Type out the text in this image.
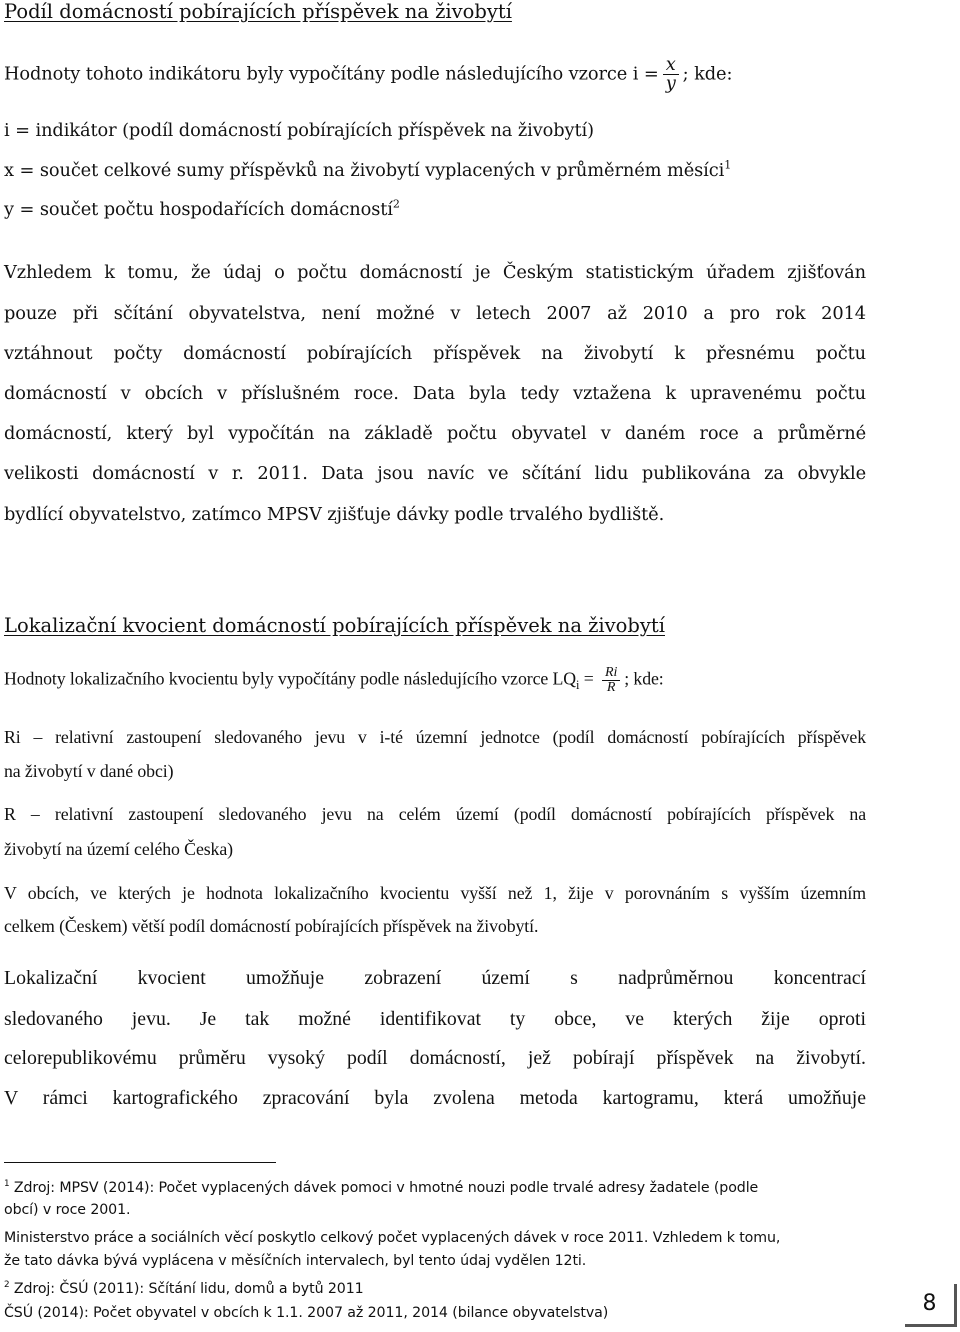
Podíl domácností pobírajících příspěvek na živobytí
Hodnoty tohoto indikátoru byly vypočítány podle následujícího vzorce $i = \frac{x}{y}$ ; kde:
i = indikátor (podíl domácností pobírajících příspěvek na živobytí)
x = součet celkové sumy příspěvků na živobytí vyplacených v průměrném měsíci$^1$
y = součet počtu hospodařících domácností$^2$
Vzhledem k tomu, že údaj o počtu domácností je Českým statistickým úřadem zjišťován
pouze při sčítání obyvatelstva, není možné v letech 2007 až 2010 a pro rok 2014
vztáhnout počty domácností pobírajících příspěvek na živobytí k přesnému počtu
domácností v obcích v příslušném roce. Data byla tedy vztažena k upravenému počtu
domácností, který byl vypočítán na základě počtu obyvatel v daném roce a průměrné
velikosti domácností v r. 2011. Data jsou navíc ve sčítání lidu publikována za obvykle
bydlící obyvatelstvo, zatímco MPSV zjišťuje dávky podle trvalého bydliště.
Lokalizační kvocient domácností pobírajících příspěvek na živobytí
Hodnoty lokalizačního kvocientu byly vypočítány podle následujícího vzorce $LQ_i = \frac{Ri}{R}$ ; kde:
Ri – relativní zastoupení sledovaného jevu v i-té územní jednotce (podíl domácností pobírajících příspěvek
na živobytí v dané obci)
R – relativní zastoupení sledovaného jevu na celém území (podíl domácností pobírajících příspěvek na
živobytí na území celého Česka)
V obcích, ve kterých je hodnota lokalizačního kvocientu vyšší než 1, žije v porovnáním s vyšším územním
celkem (Českem) větší podíl domácností pobírajících příspěvek na živobytí.
Lokalizační kvocient umožňuje zobrazení území s nadprůměrnou koncentrací
sledovaného jevu. Je tak možné identifikovat ty obce, ve kterých žije oproti
celorepublikovému průměru vysoký podíl domácností, jež pobírají příspěvek na živobytí.
V rámci kartografického zpracování byla zvolena metoda kartogramu, která umožňuje
$^1$ Zdroj: MPSV (2014): Počet vyplacených dávek pomoci v hmotné nouzi podle trvalé adresy žadatele (podle
obcí) v roce 2001.
Ministerstvo práce a sociálních věcí poskytlo celkový počet vyplacených dávek v roce 2011. Vzhledem k tomu,
že tato dávka bývá vyplácena v měsíčních intervalech, byl tento údaj vydělen 12ti.
$^2$ Zdroj: ČSÚ (2011): Sčítání lidu, domů a bytů 2011
ČSÚ (2014): Počet obyvatel v obcích k 1.1. 2007 až 2011, 2014 (bilance obyvatelstva)	8
